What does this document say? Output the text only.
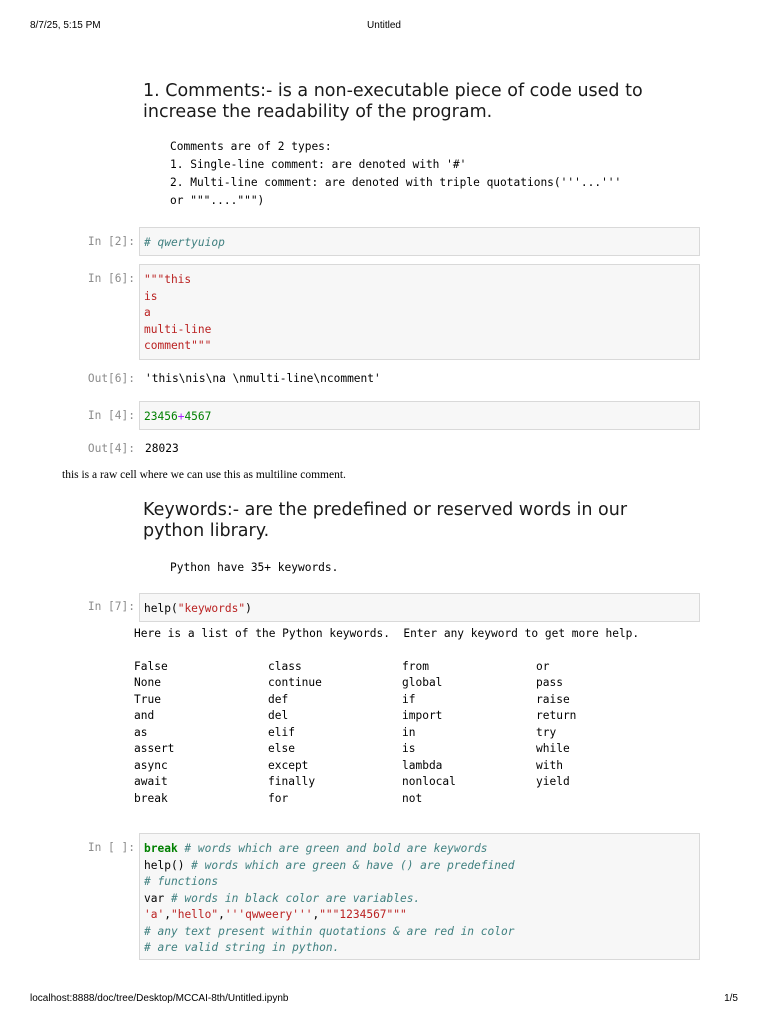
8/7/25, 5:15 PM	Untitled
1. Comments:- is a non-executable piece of code used to
increase the readability of the program.
Comments are of 2 types:
1. Single-line comment: are denoted with '#'
2. Multi-line comment: are denoted with triple quotations('''...'''
or """....""")
In [2]: # qwertyuiop
In [6]: """this
is
a
multi-line
comment"""
Out[6]: 'this\nis\na \nmulti-line\ncomment'
In [4]: 23456+4567
Out[4]: 28023
this is a raw cell where we can use this as multiline comment.
Keywords:- are the predefined or reserved words in our
python library.
Python have 35+ keywords.
In [7]: help("keywords")
Here is a list of the Python keywords.  Enter any keyword to get more help.
False	class	from	or
None	continue	global	pass
True	def	if	raise
and	del	import	return
as	elif	in	try
assert	else	is	while
async	except	lambda	with
await	finally	nonlocal	yield
break	for	not
In [ ]: break # words which are green and bold are keywords
help() # words which are green & have () are predefined
# functions
var # words in black color are variables.
'a',"hello",'''qwweery''',"""1234567"""
# any text present within quotations & are red in color
# are valid string in python.
localhost:8888/doc/tree/Desktop/MCCAI-8th/Untitled.ipynb	1/5
